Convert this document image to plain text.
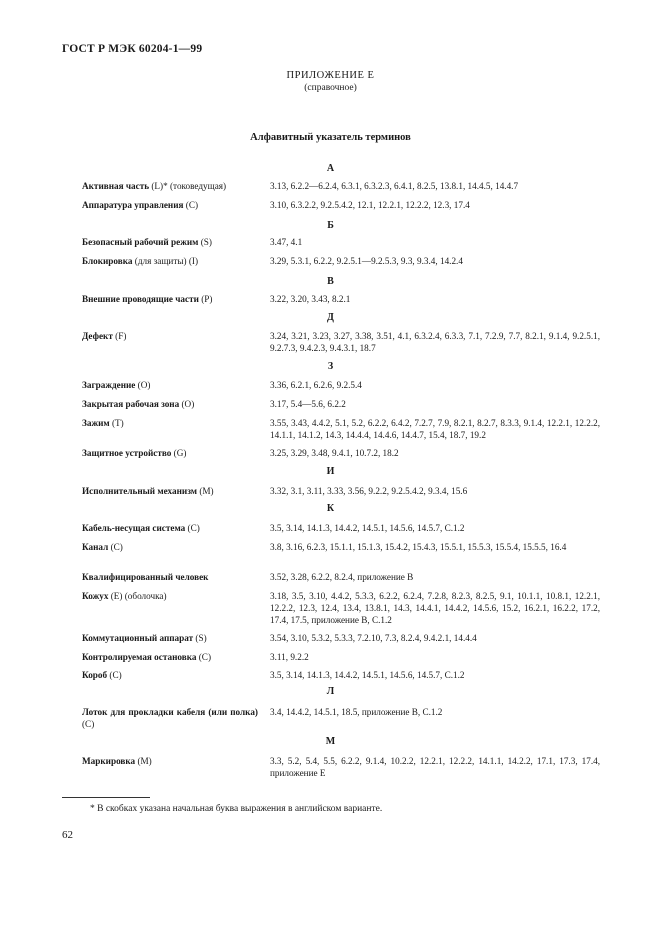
ГОСТ Р МЭК 60204-1—99
ПРИЛОЖЕНИЕ Е
(справочное)
Алфавитный указатель терминов
А
Б
В
Д
З
И
К
Л
М
Активная часть (L)* (токоведущая)	3.13, 6.2.2—6.2.4, 6.3.1, 6.3.2.3, 6.4.1, 8.2.5, 13.8.1, 14.4.5, 14.4.7
Аппаратура управления (С)	3.10, 6.3.2.2, 9.2.5.4.2, 12.1, 12.2.1, 12.2.2, 12.3, 17.4
Безопасный рабочий режим (S)	3.47, 4.1
Блокировка (для защиты) (I)	3.29, 5.3.1, 6.2.2, 9.2.5.1—9.2.5.3, 9.3, 9.3.4, 14.2.4
Внешние проводящие части (Р)	3.22, 3.20, 3.43, 8.2.1
Дефект (F)	3.24, 3.21, 3.23, 3.27, 3.38, 3.51, 4.1, 6.3.2.4, 6.3.3, 7.1, 7.2.9, 7.7, 8.2.1, 9.1.4, 9.2.5.1, 9.2.7.3, 9.4.2.3, 9.4.3.1, 18.7
Заграждение (О)	3.36, 6.2.1, 6.2.6, 9.2.5.4
Закрытая рабочая зона (О)	3.17, 5.4—5.6, 6.2.2
Зажим (Т)	3.55, 3.43, 4.4.2, 5.1, 5.2, 6.2.2, 6.4.2, 7.2.7, 7.9, 8.2.1, 8.2.7, 8.3.3, 9.1.4, 12.2.1, 12.2.2, 14.1.1, 14.1.2, 14.3, 14.4.4, 14.4.6, 14.4.7, 15.4, 18.7, 19.2
Защитное устройство (G)	3.25, 3.29, 3.48, 9.4.1, 10.7.2, 18.2
Исполнительный механизм (М)	3.32, 3.1, 3.11, 3.33, 3.56, 9.2.2, 9.2.5.4.2, 9.3.4, 15.6
Кабель-несущая система (С)	3.5, 3.14, 14.1.3, 14.4.2, 14.5.1, 14.5.6, 14.5.7, С.1.2
Канал (С)	3.8, 3.16, 6.2.3, 15.1.1, 15.1.3, 15.4.2, 15.4.3, 15.5.1, 15.5.3, 15.5.4, 15.5.5, 16.4
Квалифицированный человек	3.52, 3.28, 6.2.2, 8.2.4, приложение В
Кожух (Е) (оболочка)	3.18, 3.5, 3.10, 4.4.2, 5.3.3, 6.2.2, 6.2.4, 7.2.8, 8.2.3, 8.2.5, 9.1, 10.1.1, 10.8.1, 12.2.1, 12.2.2, 12.3, 12.4, 13.4, 13.8.1, 14.3, 14.4.1, 14.4.2, 14.5.6, 15.2, 16.2.1, 16.2.2, 17.2, 17.4, 17.5, приложение В, С.1.2
Коммутационный аппарат (S)	3.54, 3.10, 5.3.2, 5.3.3, 7.2.10, 7.3, 8.2.4, 9.4.2.1, 14.4.4
Контролируемая остановка (С)	3.11, 9.2.2
Короб (С)	3.5, 3.14, 14.1.3, 14.4.2, 14.5.1, 14.5.6, 14.5.7, С.1.2
Лоток для прокладки кабеля (или полка) (С)
3.4, 14.4.2, 14.5.1, 18.5, приложение В, С.1.2
Маркировка (М)	3.3, 5.2, 5.4, 5.5, 6.2.2, 9.1.4, 10.2.2, 12.2.1, 12.2.2, 14.1.1, 14.2.2, 17.1, 17.3, 17.4, приложение Е
* В скобках указана начальная буква выражения в английском варианте.
62
